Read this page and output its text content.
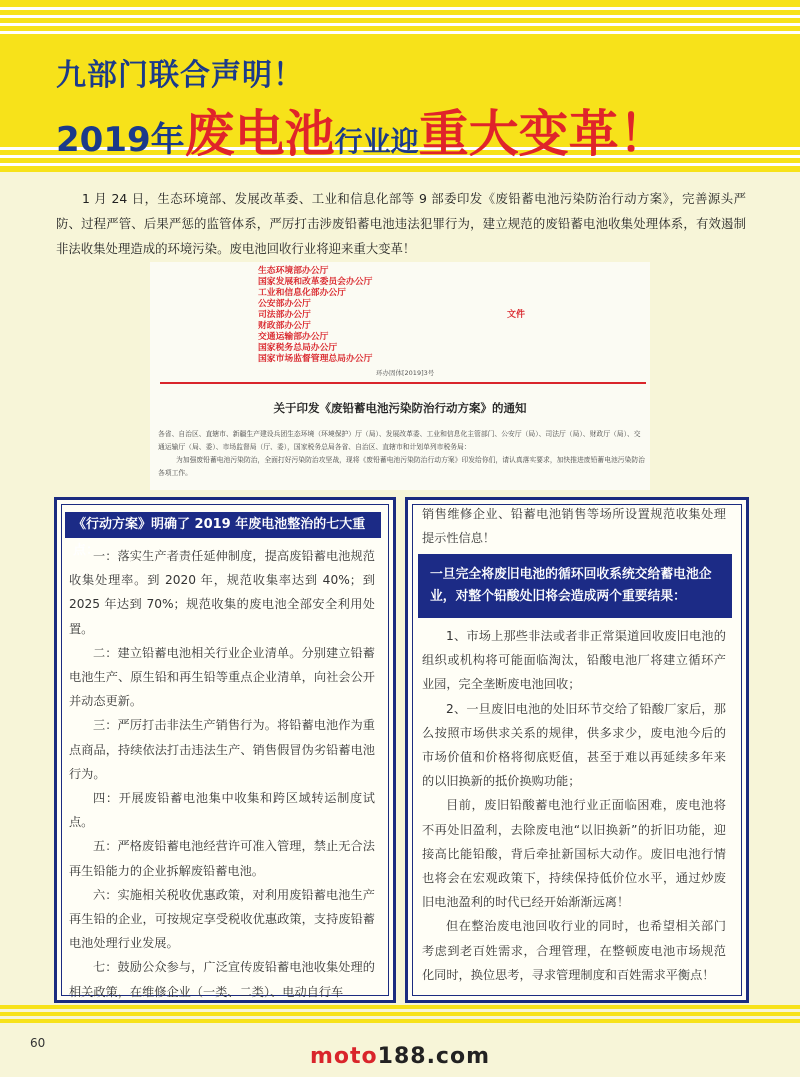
九部门联合声明！
2019年废电池行业迎重大变革！
1 月 24 日，生态环境部、发展改革委、工业和信息化部等 9 部委印发《废铅蓄电池污染防治行动方案》，完善源头严防、过程严管、后果严惩的监管体系，严厉打击涉废铅蓄电池违法犯罪行为，建立规范的废铅蓄电池收集处理体系，有效遏制非法收集处理造成的环境污染。废电池回收行业将迎来重大变革！
生态环境部办公厅
国家发展和改革委员会办公厅
工业和信息化部办公厅
公安部办公厅
司法部办公厅
财政部办公厅
交通运输部办公厅
国家税务总局办公厅
国家市场监督管理总局办公厅
文件
环办固体[2019]3号
关于印发《废铅蓄电池污染防治行动方案》的通知
各省、自治区、直辖市、新疆生产建设兵团生态环境（环境保护）厅（局）、发展改革委、工业和信息化主管部门、公安厅（局）、司法厅（局）、财政厅（局）、交通运输厅（局、委）、市场监督局（厅、委），国家税务总局各省、自治区、直辖市和计划单列市税务局：
为加强废铅蓄电池污染防治，全面打好污染防治攻坚战，现将《废铅蓄电池污染防治行动方案》印发给你们，请认真落实要求，加快推进废铅蓄电池污染防治各项工作。
《行动方案》明确了 2019 年废电池整治的七大重点：

一：落实生产者责任延伸制度，提高废铅蓄电池规范收集处理率。到 2020 年，规范收集率达到 40%；到 2025 年达到 70%；规范收集的废电池全部安全利用处置。

二：建立铅蓄电池相关行业企业清单。分别建立铅蓄电池生产、原生铅和再生铅等重点企业清单，向社会公开并动态更新。

三：严厉打击非法生产销售行为。将铅蓄电池作为重点商品，持续依法打击违法生产、销售假冒伪劣铅蓄电池行为。

四：开展废铅蓄电池集中收集和跨区域转运制度试点。

五：严格废铅蓄电池经营许可准入管理，禁止无合法再生铅能力的企业拆解废铅蓄电池。

六：实施相关税收优惠政策，对利用废铅蓄电池生产再生铅的企业，可按规定享受税收优惠政策，支持废铅蓄电池处理行业发展。

七：鼓励公众参与，广泛宣传废铅蓄电池收集处理的相关政策，在维修企业（一类、二类）、电动自行车

销售维修企业、铅蓄电池销售等场所设置规范收集处理提示性信息！

一旦完全将废旧电池的循环回收系统交给蓄电池企业，对整个铅酸处旧将会造成两个重要结果：

1、市场上那些非法或者非正常渠道回收废旧电池的组织或机构将可能面临淘汰，铅酸电池厂将建立循环产业园，完全垄断废电池回收；

2、一旦废旧电池的处旧环节交给了铅酸厂家后，那么按照市场供求关系的规律，供多求少，废电池今后的市场价值和价格将彻底贬值，甚至于难以再延续多年来的以旧换新的抵价换购功能；

目前，废旧铅酸蓄电池行业正面临困难，废电池将不再处旧盈利，去除废电池“以旧换新”的折旧功能，迎接高比能铅酸，背后牵扯新国标大动作。废旧电池行情也将会在宏观政策下，持续保持低价位水平，通过炒废旧电池盈利的时代已经开始渐渐远离！

但在整治废电池回收行业的同时，也希望相关部门考虑到老百姓需求，合理管理，在整顿废电池市场规范化同时，换位思考，寻求管理制度和百姓需求平衡点！

60
moto188.com
